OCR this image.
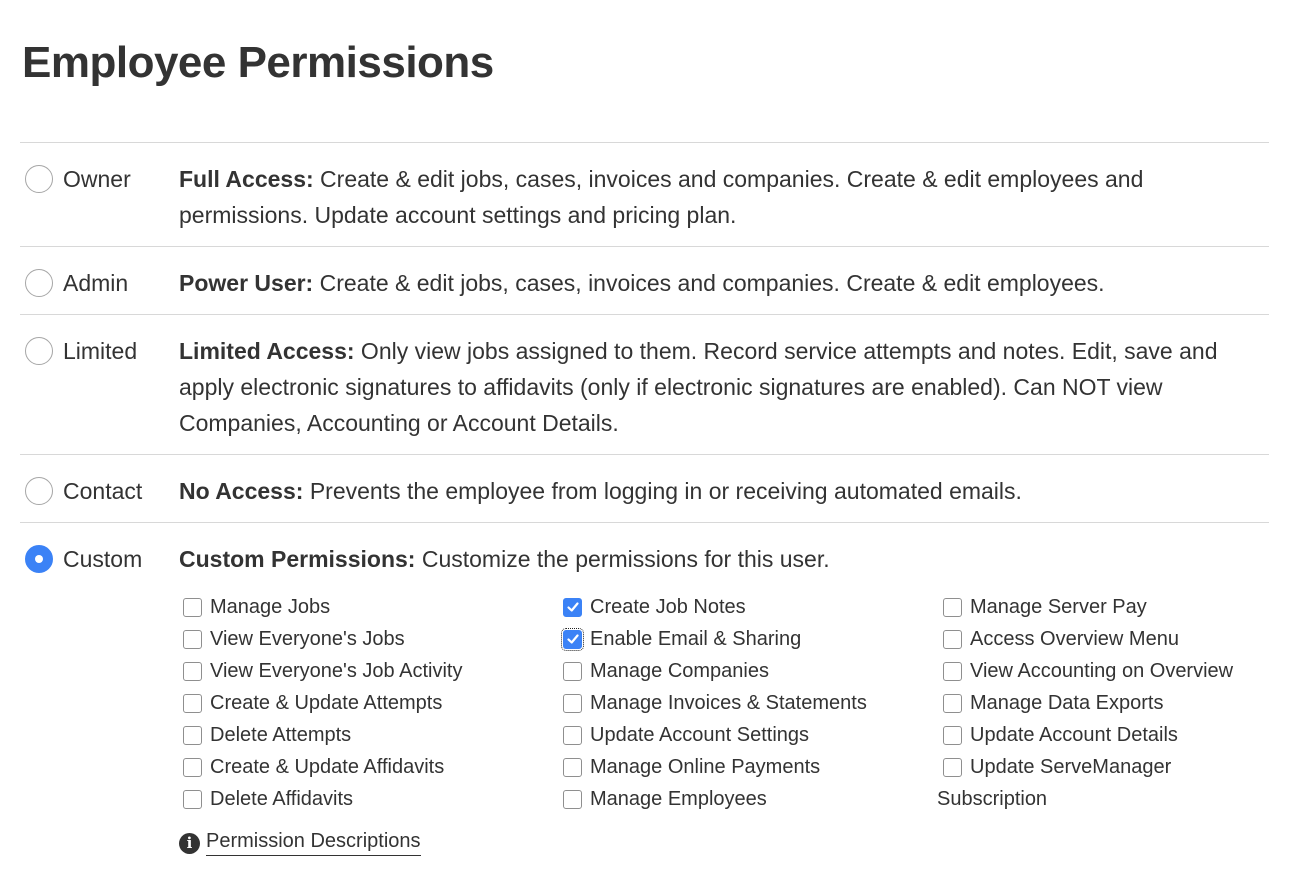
Employee Permissions
Owner Full Access: Create & edit jobs, cases, invoices and companies. Create & edit employees and permissions. Update account settings and pricing plan.
Admin Power User: Create & edit jobs, cases, invoices and companies. Create & edit employees.
Limited Limited Access: Only view jobs assigned to them. Record service attempts and notes. Edit, save and apply electronic signatures to affidavits (only if electronic signatures are enabled). Can NOT view Companies, Accounting or Account Details.
Contact No Access: Prevents the employee from logging in or receiving automated emails.
Custom Custom Permissions: Customize the permissions for this user.
Manage Jobs
View Everyone's Jobs
View Everyone's Job Activity
Create & Update Attempts
Delete Attempts
Create & Update Affidavits
Delete Affidavits
Create Job Notes
Enable Email & Sharing
Manage Companies
Manage Invoices & Statements
Update Account Settings
Manage Online Payments
Manage Employees
Manage Server Pay
Access Overview Menu
View Accounting on Overview
Manage Data Exports
Update Account Details
Update ServeManager
Subscription
i Permission Descriptions
